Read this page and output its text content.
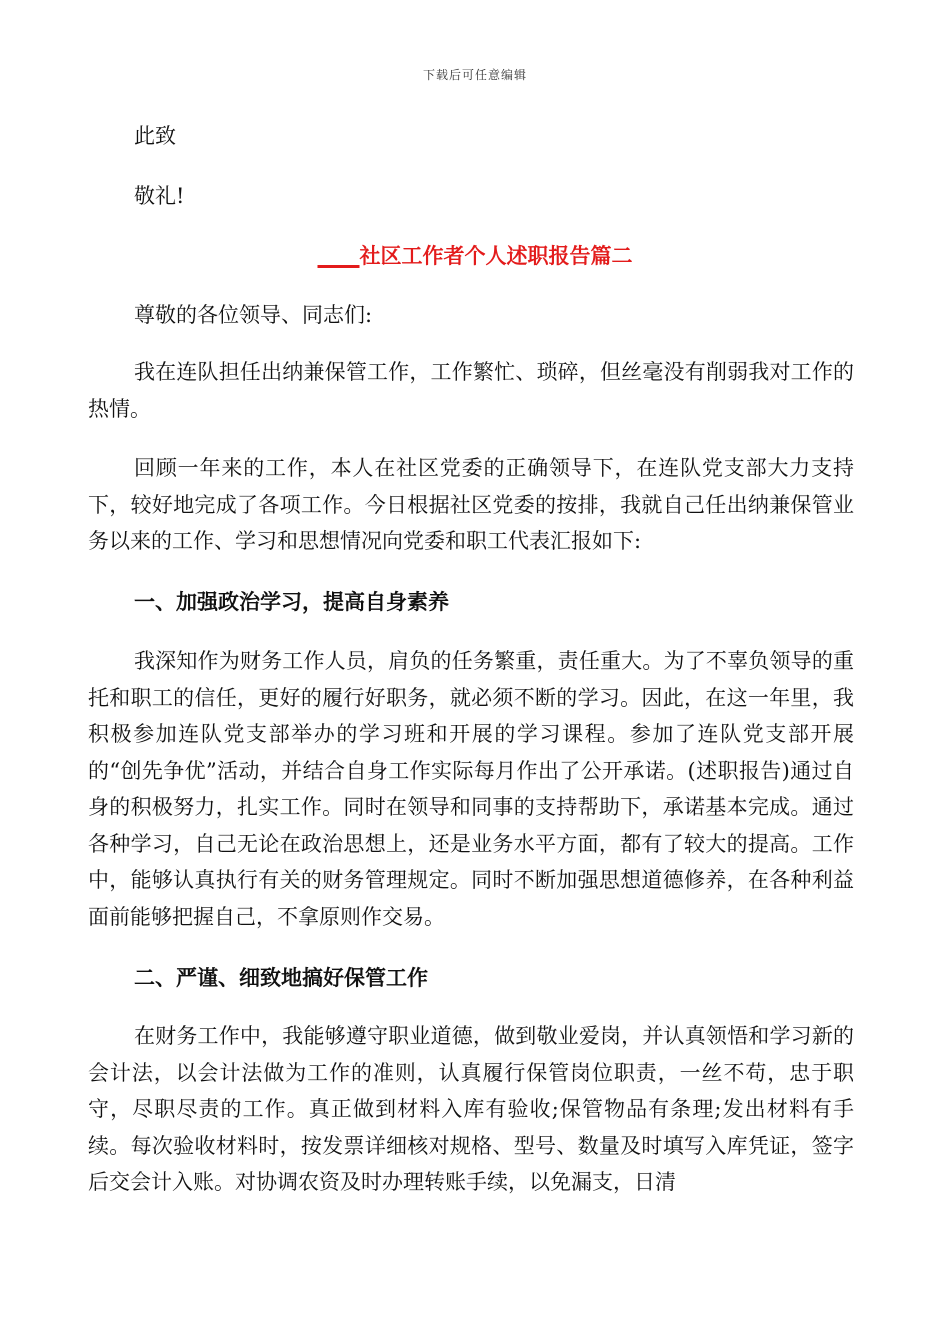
下载后可任意编辑

此致

敬礼!

____社区工作者个人述职报告篇二

尊敬的各位领导、同志们:

我在连队担任出纳兼保管工作，工作繁忙、琐碎，但丝毫没有削弱我对工作的热情。

回顾一年来的工作，本人在社区党委的正确领导下，在连队党支部大力支持下，较好地完成了各项工作。今日根据社区党委的按排，我就自己任出纳兼保管业务以来的工作、学习和思想情况向党委和职工代表汇报如下:

一、加强政治学习，提高自身素养

我深知作为财务工作人员，肩负的任务繁重，责任重大。为了不辜负领导的重托和职工的信任，更好的履行好职务，就必须不断的学习。因此，在这一年里，我积极参加连队党支部举办的学习班和开展的学习课程。参加了连队党支部开展的“创先争优”活动，并结合自身工作实际每月作出了公开承诺。(述职报告)通过自身的积极努力，扎实工作。同时在领导和同事的支持帮助下，承诺基本完成。通过各种学习，自己无论在政治思想上，还是业务水平方面，都有了较大的提高。工作中，能够认真执行有关的财务管理规定。同时不断加强思想道德修养，在各种利益面前能够把握自己，不拿原则作交易。

二、严谨、细致地搞好保管工作

在财务工作中，我能够遵守职业道德，做到敬业爱岗，并认真领悟和学习新的会计法，以会计法做为工作的准则，认真履行保管岗位职责，一丝不苟，忠于职守，尽职尽责的工作。真正做到材料入库有验收;保管物品有条理;发出材料有手续。每次验收材料时，按发票详细核对规格、型号、数量及时填写入库凭证，签字后交会计入账。对协调农资及时办理转账手续，以免漏支，日清
